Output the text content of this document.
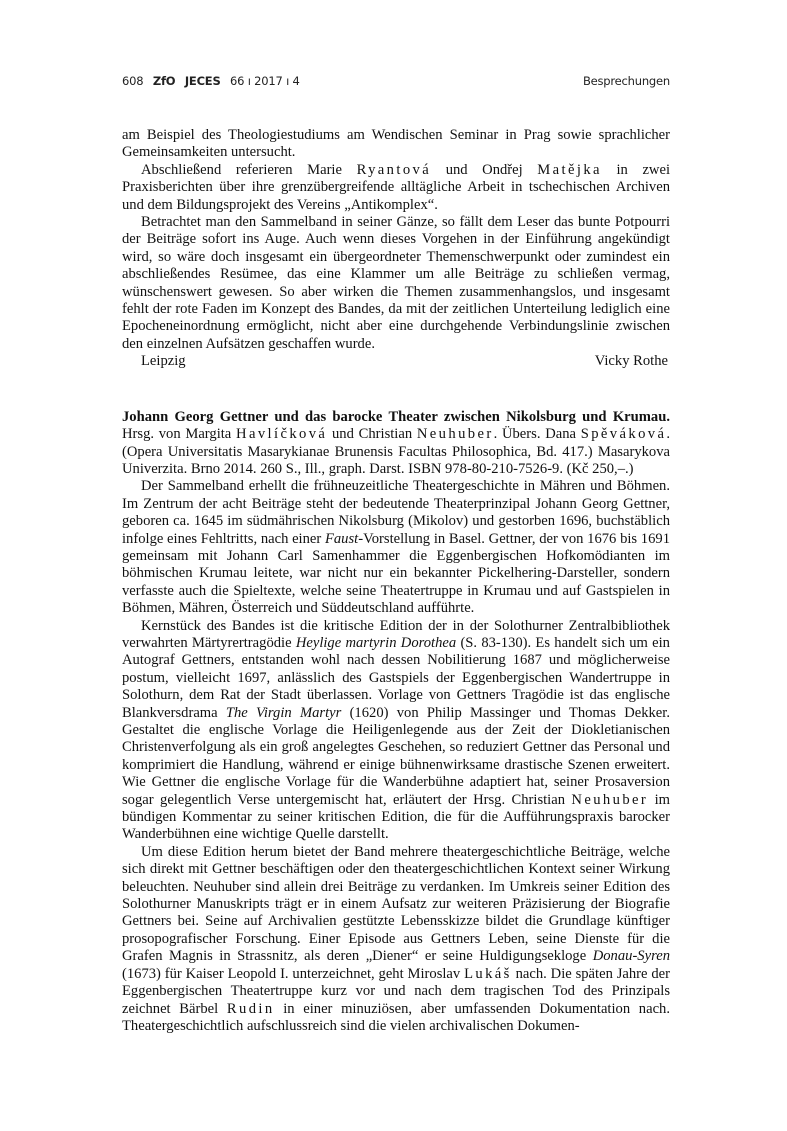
608 ZfO JECES 66 ı 2017 ı 4	Besprechungen

am Beispiel des Theologiestudiums am Wendischen Seminar in Prag sowie sprachlicher Gemeinsamkeiten untersucht.

Abschließend referieren Marie Ryantová und Ondřej Matějka in zwei Praxisberichten über ihre grenzübergreifende alltägliche Arbeit in tschechischen Archiven und dem Bildungsprojekt des Vereins „Antikomplex“.

Betrachtet man den Sammelband in seiner Gänze, so fällt dem Leser das bunte Potpourri der Beiträge sofort ins Auge. Auch wenn dieses Vorgehen in der Einführung angekündigt wird, so wäre doch insgesamt ein übergeordneter Themenschwerpunkt oder zumindest ein abschließendes Resümee, das eine Klammer um alle Beiträge zu schließen vermag, wünschenswert gewesen. So aber wirken die Themen zusammenhangslos, und insgesamt fehlt der rote Faden im Konzept des Bandes, da mit der zeitlichen Unterteilung lediglich eine Epocheneinordnung ermöglicht, nicht aber eine durchgehende Verbindungslinie zwischen den einzelnen Aufsätzen geschaffen wurde.

Leipzig	Vicky Rothe

Johann Georg Gettner und das barocke Theater zwischen Nikolsburg und Krumau. Hrsg. von Margita Havlíčková und Christian Neuhuber. Übers. Dana Spěváková. (Opera Universitatis Masarykianae Brunensis Facultas Philosophica, Bd. 417.) Masarykova Univerzita. Brno 2014. 260 S., Ill., graph. Darst. ISBN 978-80-210-7526-9. (Kč 250,–.)

Der Sammelband erhellt die frühneuzeitliche Theatergeschichte in Mähren und Böhmen. Im Zentrum der acht Beiträge steht der bedeutende Theaterprinzipal Johann Georg Gettner, geboren ca. 1645 im südmährischen Nikolsburg (Mikolov) und gestorben 1696, buchstäblich infolge eines Fehltritts, nach einer Faust-Vorstellung in Basel. Gettner, der von 1676 bis 1691 gemeinsam mit Johann Carl Samenhammer die Eggenbergischen Hofkomödianten im böhmischen Krumau leitete, war nicht nur ein bekannter Pickelhering-Darsteller, sondern verfasste auch die Spieltexte, welche seine Theatertruppe in Krumau und auf Gastspielen in Böhmen, Mähren, Österreich und Süddeutschland aufführte.

Kernstück des Bandes ist die kritische Edition der in der Solothurner Zentralbibliothek verwahrten Märtyrertragödie Heylige martyrin Dorothea (S. 83-130). Es handelt sich um ein Autograf Gettners, entstanden wohl nach dessen Nobilitierung 1687 und möglicherweise postum, vielleicht 1697, anlässlich des Gastspiels der Eggenbergischen Wandertruppe in Solothurn, dem Rat der Stadt überlassen. Vorlage von Gettners Tragödie ist das englische Blankversdrama The Virgin Martyr (1620) von Philip Massinger und Thomas Dekker. Gestaltet die englische Vorlage die Heiligenlegende aus der Zeit der Diokletianischen Christenverfolgung als ein groß angelegtes Geschehen, so reduziert Gettner das Personal und komprimiert die Handlung, während er einige bühnenwirksame drastische Szenen erweitert. Wie Gettner die englische Vorlage für die Wanderbühne adaptiert hat, seiner Prosaversion sogar gelegentlich Verse untergemischt hat, erläutert der Hrsg. Christian Neuhuber im bündigen Kommentar zu seiner kritischen Edition, die für die Aufführungspraxis barocker Wanderbühnen eine wichtige Quelle darstellt.

Um diese Edition herum bietet der Band mehrere theatergeschichtliche Beiträge, welche sich direkt mit Gettner beschäftigen oder den theatergeschichtlichen Kontext seiner Wirkung beleuchten. Neuhuber sind allein drei Beiträge zu verdanken. Im Umkreis seiner Edition des Solothurner Manuskripts trägt er in einem Aufsatz zur weiteren Präzisierung der Biografie Gettners bei. Seine auf Archivalien gestützte Lebensskizze bildet die Grundlage künftiger prosopografischer Forschung. Einer Episode aus Gettners Leben, seine Dienste für die Grafen Magnis in Strassnitz, als deren „Diener“ er seine Huldigungsekloge Donau-Syren (1673) für Kaiser Leopold I. unterzeichnet, geht Miroslav Lukáš nach. Die späten Jahre der Eggenbergischen Theatertruppe kurz vor und nach dem tragischen Tod des Prinzipals zeichnet Bärbel Rudin in einer minuziösen, aber umfassenden Dokumentation nach. Theatergeschichtlich aufschlussreich sind die vielen archivalischen Dokumen-
